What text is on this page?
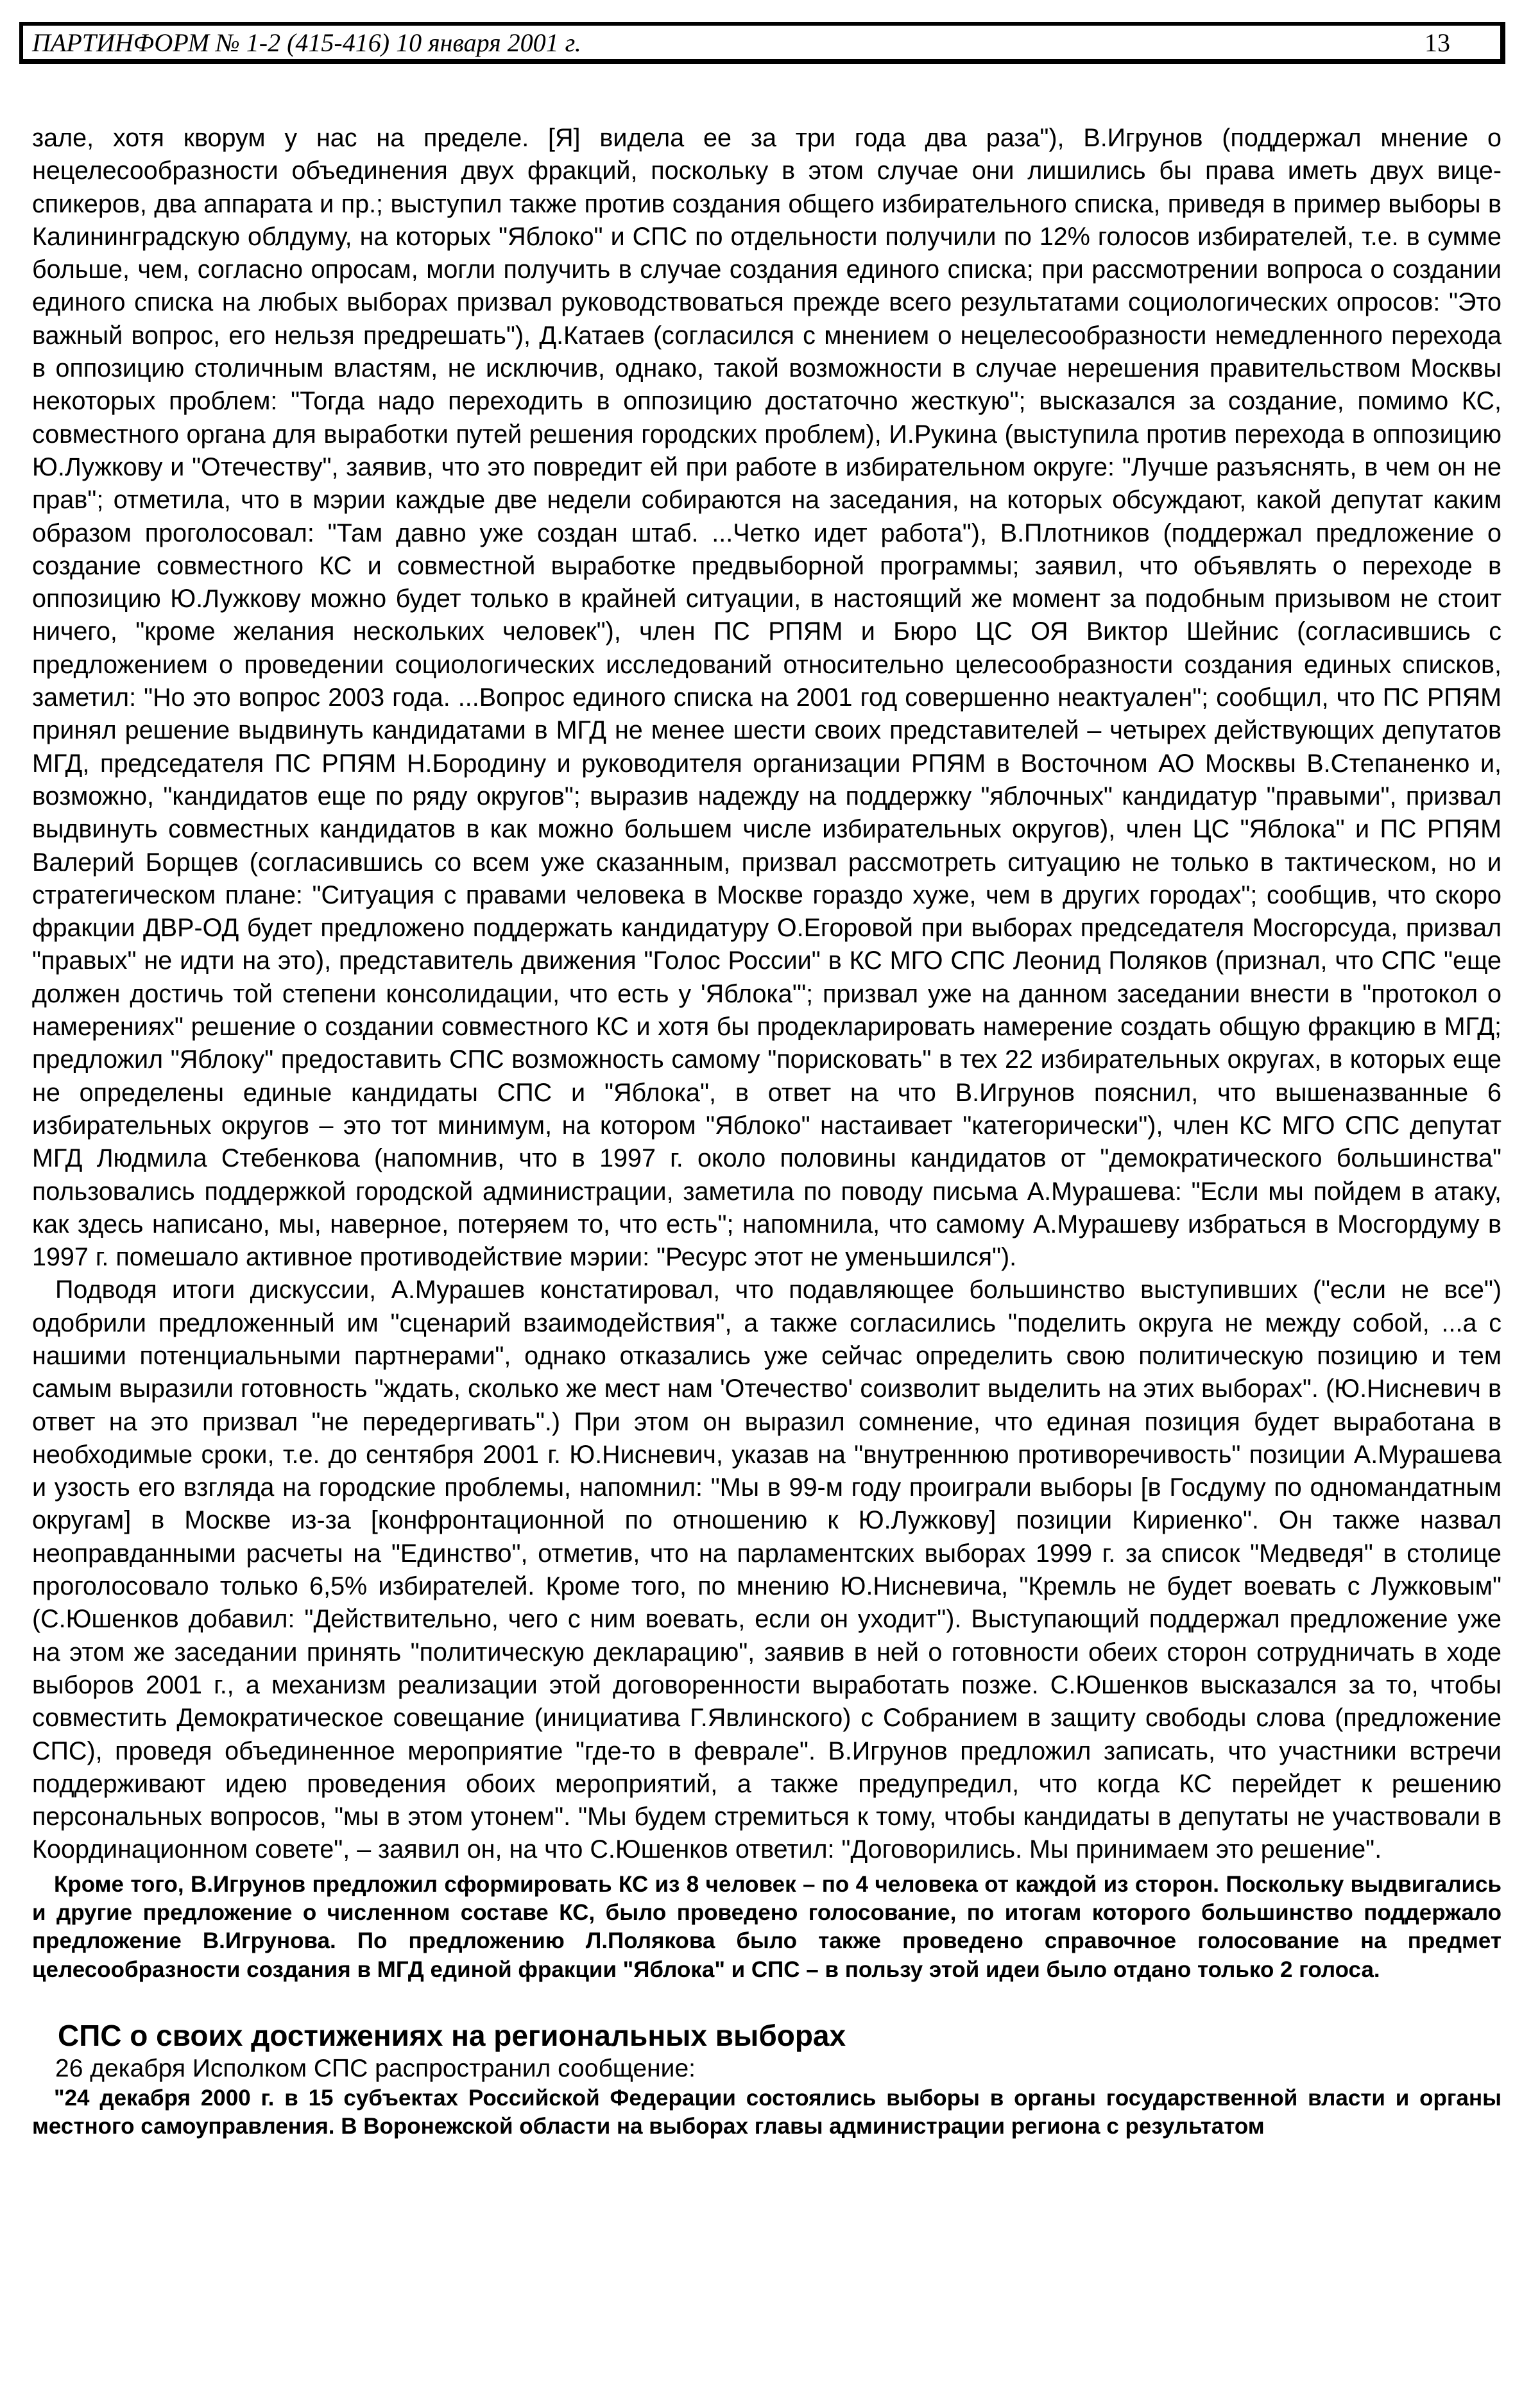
ПАРТИНФОРМ № 1-2 (415-416) 10 января 2001 г.	13

зале, хотя кворум у нас на пределе. [Я] видела ее за три года два раза"), В.Игрунов (поддержал мнение о нецелесообразности объединения двух фракций, поскольку в этом случае они лишились бы права иметь двух вице-спикеров, два аппарата и пр.; выступил также против создания общего избирательного списка, приведя в пример выборы в Калининградскую облдуму, на которых "Яблоко" и СПС по отдельности получили по 12% голосов избирателей, т.е. в сумме больше, чем, согласно опросам, могли получить в случае создания единого списка; при рассмотрении вопроса о создании единого списка на любых выборах призвал руководствоваться прежде всего результатами социологических опросов: "Это важный вопрос, его нельзя предрешать"), Д.Катаев (согласился с мнением о нецелесообразности немедленного перехода в оппозицию столичным властям, не исключив, однако, такой возможности в случае нерешения правительством Москвы некоторых проблем: "Тогда надо переходить в оппозицию достаточно жесткую"; высказался за создание, помимо КС, совместного органа для выработки путей решения городских проблем), И.Рукина (выступила против перехода в оппозицию Ю.Лужкову и "Отечеству", заявив, что это повредит ей при работе в избирательном округе: "Лучше разъяснять, в чем он не прав"; отметила, что в мэрии каждые две недели собираются на заседания, на которых обсуждают, какой депутат каким образом проголосовал: "Там давно уже создан штаб. ...Четко идет работа"), В.Плотников (поддержал предложение о создание совместного КС и совместной выработке предвыборной программы; заявил, что объявлять о переходе в оппозицию Ю.Лужкову можно будет только в крайней ситуации, в настоящий же момент за подобным призывом не стоит ничего, "кроме желания нескольких человек"), член ПС РПЯМ и Бюро ЦС ОЯ Виктор Шейнис (согласившись с предложением о проведении социологических исследований относительно целесообразности создания единых списков, заметил: "Но это вопрос 2003 года. ...Вопрос единого списка на 2001 год совершенно неактуален"; сообщил, что ПС РПЯМ принял решение выдвинуть кандидатами в МГД не менее шести своих представителей – четырех действующих депутатов МГД, председателя ПС РПЯМ Н.Бородину и руководителя организации РПЯМ в Восточном АО Москвы В.Степаненко и, возможно, "кандидатов еще по ряду округов"; выразив надежду на поддержку "яблочных" кандидатур "правыми", призвал выдвинуть совместных кандидатов в как можно большем числе избирательных округов), член ЦС "Яблока" и ПС РПЯМ Валерий Борщев (согласившись со всем уже сказанным, призвал рассмотреть ситуацию не только в тактическом, но и стратегическом плане: "Ситуация с правами человека в Москве гораздо хуже, чем в других городах"; сообщив, что скоро фракции ДВР-ОД будет предложено поддержать кандидатуру О.Егоровой при выборах председателя Мосгорсуда, призвал "правых" не идти на это), представитель движения "Голос России" в КС МГО СПС Леонид Поляков (признал, что СПС "еще должен достичь той степени консолидации, что есть у 'Яблока'"; призвал уже на данном заседании внести в "протокол о намерениях" решение о создании совместного КС и хотя бы продекларировать намерение создать общую фракцию в МГД; предложил "Яблоку" предоставить СПС возможность самому "порисковать" в тех 22 избирательных округах, в которых еще не определены единые кандидаты СПС и "Яблока", в ответ на что В.Игрунов пояснил, что вышеназванные 6 избирательных округов – это тот минимум, на котором "Яблоко" настаивает "категорически"), член КС МГО СПС депутат МГД Людмила Стебенкова (напомнив, что в 1997 г. около половины кандидатов от "демократического большинства" пользовались поддержкой городской администрации, заметила по поводу письма А.Мурашева: "Если мы пойдем в атаку, как здесь написано, мы, наверное, потеряем то, что есть"; напомнила, что самому А.Мурашеву избраться в Мосгордуму в 1997 г. помешало активное противодействие мэрии: "Ресурс этот не уменьшился").

Подводя итоги дискуссии, А.Мурашев констатировал, что подавляющее большинство выступивших ("если не все") одобрили предложенный им "сценарий взаимодействия", а также согласились "поделить округа не между собой, ...а с нашими потенциальными партнерами", однако отказались уже сейчас определить свою политическую позицию и тем самым выразили готовность "ждать, сколько же мест нам 'Отечество' соизволит выделить на этих выборах". (Ю.Нисневич в ответ на это призвал "не передергивать".) При этом он выразил сомнение, что единая позиция будет выработана в необходимые сроки, т.е. до сентября 2001 г. Ю.Нисневич, указав на "внутреннюю противоречивость" позиции А.Мурашева и узость его взгляда на городские проблемы, напомнил: "Мы в 99-м году проиграли выборы [в Госдуму по одномандатным округам] в Москве из-за [конфронтационной по отношению к Ю.Лужкову] позиции Кириенко". Он также назвал неоправданными расчеты на "Единство", отметив, что на парламентских выборах 1999 г. за список "Медведя" в столице проголосовало только 6,5% избирателей. Кроме того, по мнению Ю.Нисневича, "Кремль не будет воевать с Лужковым" (С.Юшенков добавил: "Действительно, чего с ним воевать, если он уходит"). Выступающий поддержал предложение уже на этом же заседании принять "политическую декларацию", заявив в ней о готовности обеих сторон сотрудничать в ходе выборов 2001 г., а механизм реализации этой договоренности выработать позже. С.Юшенков высказался за то, чтобы совместить Демократическое совещание (инициатива Г.Явлинского) с Собранием в защиту свободы слова (предложение СПС), проведя объединенное мероприятие "где-то в феврале". В.Игрунов предложил записать, что участники встречи поддерживают идею проведения обоих мероприятий, а также предупредил, что когда КС перейдет к решению персональных вопросов, "мы в этом утонем". "Мы будем стремиться к тому, чтобы кандидаты в депутаты не участвовали в Координационном совете", – заявил он, на что С.Юшенков ответил: "Договорились. Мы принимаем это решение".

Кроме того, В.Игрунов предложил сформировать КС из 8 человек – по 4 человека от каждой из сторон. Поскольку выдвигались и другие предложение о численном составе КС, было проведено голосование, по итогам которого большинство поддержало предложение В.Игрунова. По предложению Л.Полякова было также проведено справочное голосование на предмет целесообразности создания в МГД единой фракции "Яблока" и СПС – в пользу этой идеи было отдано только 2 голоса.

СПС о своих достижениях на региональных выборах

26 декабря Исполком СПС распространил сообщение:

"24 декабря 2000 г. в 15 субъектах Российской Федерации состоялись выборы в органы государственной власти и органы местного самоуправления. В Воронежской области на выборах главы администрации региона с результатом
